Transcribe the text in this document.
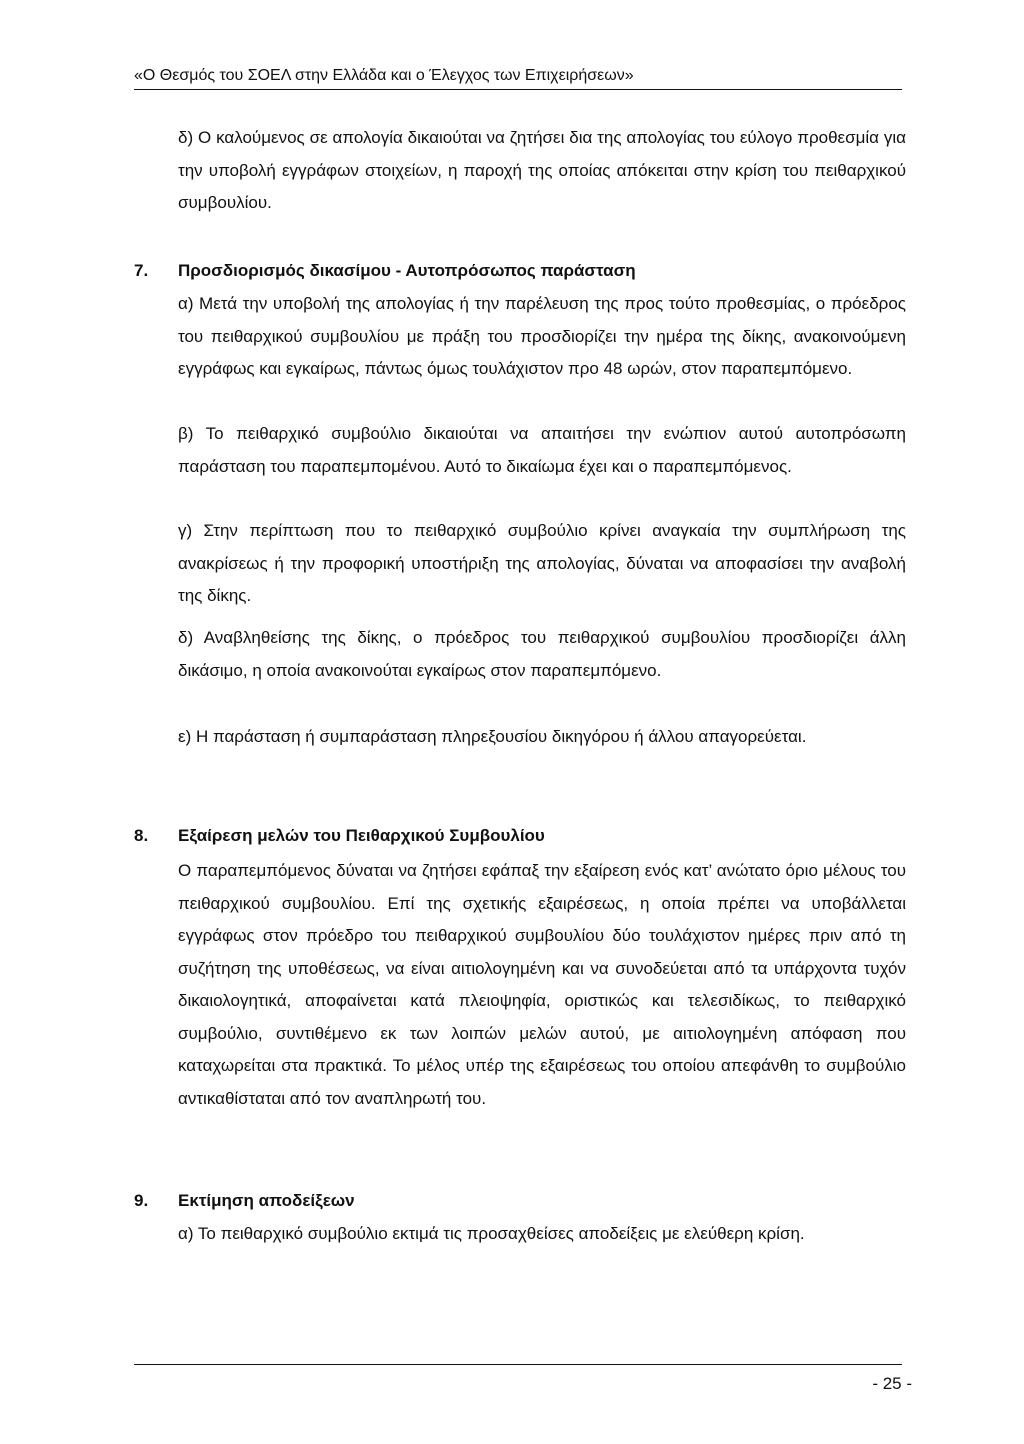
«Ο Θεσμός του ΣΟΕΛ στην Ελλάδα και ο Έλεγχος των Επιχειρήσεων»

δ) Ο καλούμενος σε απολογία δικαιούται να ζητήσει δια της απολογίας του εύλογο προθεσμία για την υποβολή εγγράφων στοιχείων, η παροχή της οποίας απόκειται στην κρίση του πειθαρχικού συμβουλίου.

7. Προσδιορισμός δικασίμου - Αυτοπρόσωπος παράσταση

α) Μετά την υποβολή της απολογίας ή την παρέλευση της προς τούτο προθεσμίας, ο πρόεδρος του πειθαρχικού συμβουλίου με πράξη του προσδιορίζει την ημέρα της δίκης, ανακοινούμενη εγγράφως και εγκαίρως, πάντως όμως τουλάχιστον προ 48 ωρών, στον παραπεμπόμενο.

β) Το πειθαρχικό συμβούλιο δικαιούται να απαιτήσει την ενώπιον αυτού αυτοπρόσωπη παράσταση του παραπεμπομένου. Αυτό το δικαίωμα έχει και ο παραπεμπόμενος.

γ) Στην περίπτωση που το πειθαρχικό συμβούλιο κρίνει αναγκαία την συμπλήρωση της ανακρίσεως ή την προφορική υποστήριξη της απολογίας, δύναται να αποφασίσει την αναβολή της δίκης.

δ) Αναβληθείσης της δίκης, ο πρόεδρος του πειθαρχικού συμβουλίου προσδιορίζει άλλη δικάσιμο, η οποία ανακοινούται εγκαίρως στον παραπεμπόμενο.

ε) Η παράσταση ή συμπαράσταση πληρεξουσίου δικηγόρου ή άλλου απαγορεύεται.

8. Εξαίρεση μελών του Πειθαρχικού Συμβουλίου

Ο παραπεμπόμενος δύναται να ζητήσει εφάπαξ την εξαίρεση ενός κατ’ ανώτατο όριο μέλους του πειθαρχικού συμβουλίου. Επί της σχετικής εξαιρέσεως, η οποία πρέπει να υποβάλλεται εγγράφως στον πρόεδρο του πειθαρχικού συμβουλίου δύο τουλάχιστον ημέρες πριν από τη συζήτηση της υποθέσεως, να είναι αιτιολογημένη και να συνοδεύεται από τα υπάρχοντα τυχόν δικαιολογητικά, αποφαίνεται κατά πλειοψηφία, οριστικώς και τελεσιδίκως, το πειθαρχικό συμβούλιο, συντιθέμενο εκ των λοιπών μελών αυτού, με αιτιολογημένη απόφαση που καταχωρείται στα πρακτικά. Το μέλος υπέρ της εξαιρέσεως του οποίου απεφάνθη το συμβούλιο αντικαθίσταται από τον αναπληρωτή του.

9. Εκτίμηση αποδείξεων

α) Το πειθαρχικό συμβούλιο εκτιμά τις προσαχθείσες αποδείξεις με ελεύθερη κρίση.

- 25 -
